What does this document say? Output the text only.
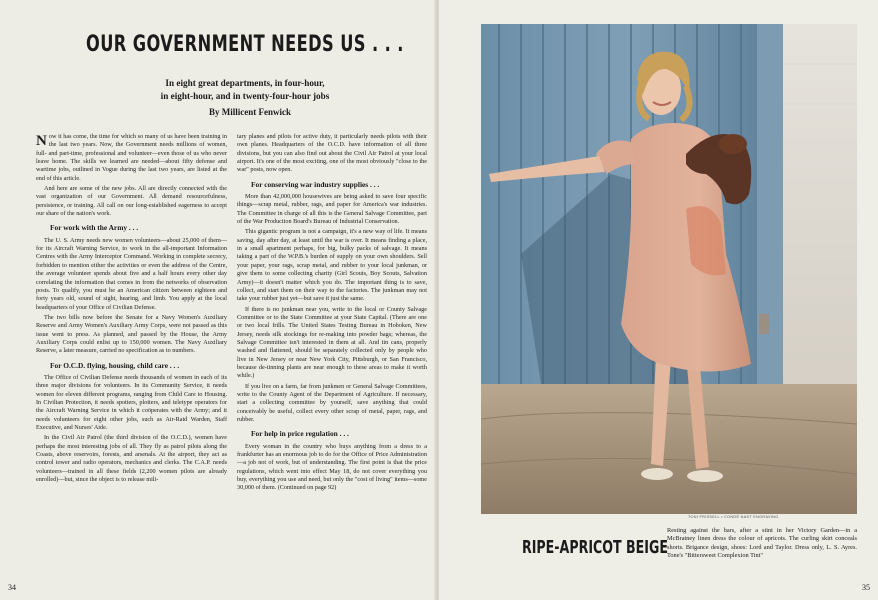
OUR GOVERNMENT NEEDS US . . .
In eight great departments, in four-hour,
in eight-hour, and in twenty-four-hour jobs
By Millicent Fenwick

Now it has come, the time for which so many of us have been training in the last two years. Now, the Government needs millions of women, full- and part-time, professional and volunteer—even those of us who never leave home. The skills we learned are needed—about fifty defense and wartime jobs, outlined in Vogue during the last two years, are listed at the end of this article.

And here are some of the new jobs. All are directly connected with the vast organization of our Government. All demand resourcefulness, persistence, or training. All call on our long-established eagerness to accept our share of the nation's work.

For work with the Army . . .

The U. S. Army needs new women volunteers—about 25,000 of them—for its Aircraft Warning Service, to work in the all-important Information Centres with the Army Interceptor Command. Working in complete secrecy, forbidden to mention either the activities or even the address of the Centre, the average volunteer spends about five and a half hours every other day correlating the information that comes in from the networks of observation posts. To qualify, you must be an American citizen between eighteen and forty years old, sound of sight, hearing, and limb. You apply at the local headquarters of your Office of Civilian Defense.

The two bills now before the Senate for a Navy Women's Auxiliary Reserve and Army Women's Auxiliary Army Corps, were not passed as this issue went to press. As planned, and passed by the House, the Army Auxiliary Corps could enlist up to 150,000 women. The Navy Auxiliary Reserve, a later measure, carried no specification as to numbers.

For O.C.D. flying, housing, child care . . .

The Office of Civilian Defense needs thousands of women in each of its three major divisions for volunteers. In its Community Service, it needs women for eleven different programs, ranging from Child Care to Housing. In Civilian Protection, it needs spotters, plotters, and teletype operators for the Aircraft Warning Service in which it coöperates with the Army; and it needs volunteers for eight other jobs, such as Air-Raid Warden, Staff Executive, and Nurses' Aide.

In the Civil Air Patrol (the third division of the O.C.D.), women have perhaps the most interesting jobs of all. They fly as patrol pilots along the Coasts, above reservoirs, forests, and arsenals. At the airport, they act as control tower and radio operators, mechanics and clerks. The C.A.P. needs volunteers—trained in all these fields (2,200 women pilots are already enrolled)—but, since the object is to release mili-

tary planes and pilots for active duty, it particularly needs pilots with their own planes. Headquarters of the O.C.D. have information of all three divisions, but you can also find out about the Civil Air Patrol at your local airport. It's one of the most exciting, one of the most obviously "close to the war" posts, now open.

For conserving war industry supplies . . .

More than 42,000,000 housewives are being asked to save four specific things—scrap metal, rubber, rags, and paper for America's war industries. The Committee in charge of all this is the General Salvage Committee, part of the War Production Board's Bureau of Industrial Conservation.

This gigantic program is not a campaign, it's a new way of life. It means saving, day after day, at least until the war is over. It means finding a place, in a small apartment perhaps, for big, bulky packs of salvage. It means taking a part of the W.P.B.'s burden of supply on your own shoulders. Sell your paper, your rags, scrap metal, and rubber to your local junkman, or give them to some collecting charity (Girl Scouts, Boy Scouts, Salvation Army)—it doesn't matter which you do. The important thing is to save, collect, and start them on their way to the factories. The junkman may not take your rubber just yet—but save it just the same.

If there is no junkman near you, write to the local or County Salvage Committee or to the State Committee at your State Capital. (There are one or two local frills. The United States Testing Bureau in Hoboken, New Jersey, needs silk stockings for re-making into powder bags; whereas, the Salvage Committee isn't interested in them at all. And tin cans, properly washed and flattened, should be separately collected only by people who live in New Jersey or near New York City, Pittsburgh, or San Francisco, because de-tinning plants are near enough to these areas to make it worth while.)

If you live on a farm, far from junkmen or General Salvage Committees, write to the County Agent of the Department of Agriculture. If necessary, start a collecting committee by yourself, save anything that could conceivably be useful, collect every other scrap of metal, paper, rags, and rubber.

For help in price regulation . . .

Every woman in the country who buys anything from a dress to a frankfurter has an enormous job to do for the Office of Price Administration—a job not of work, but of understanding. The first point is that the price regulations, which went into effect May 18, do not cover everything you buy, everything you use and need, but only the "cost of living" items—some 30,000 of them. (Continued on page 92)

34	35
TONI FRISSELL • CONDÉ NAST ENGRAVING
RIPE-APRICOT BEIGE
Resting against the bars, after a stint in her Victory Garden—in a McBratney linen dress the colour of apricots. The curling skirt conceals shorts. Brigance design, shoes: Lord and Taylor. Dress only, L. S. Ayres. Tone's "Bittersweet Complexion Tint"
